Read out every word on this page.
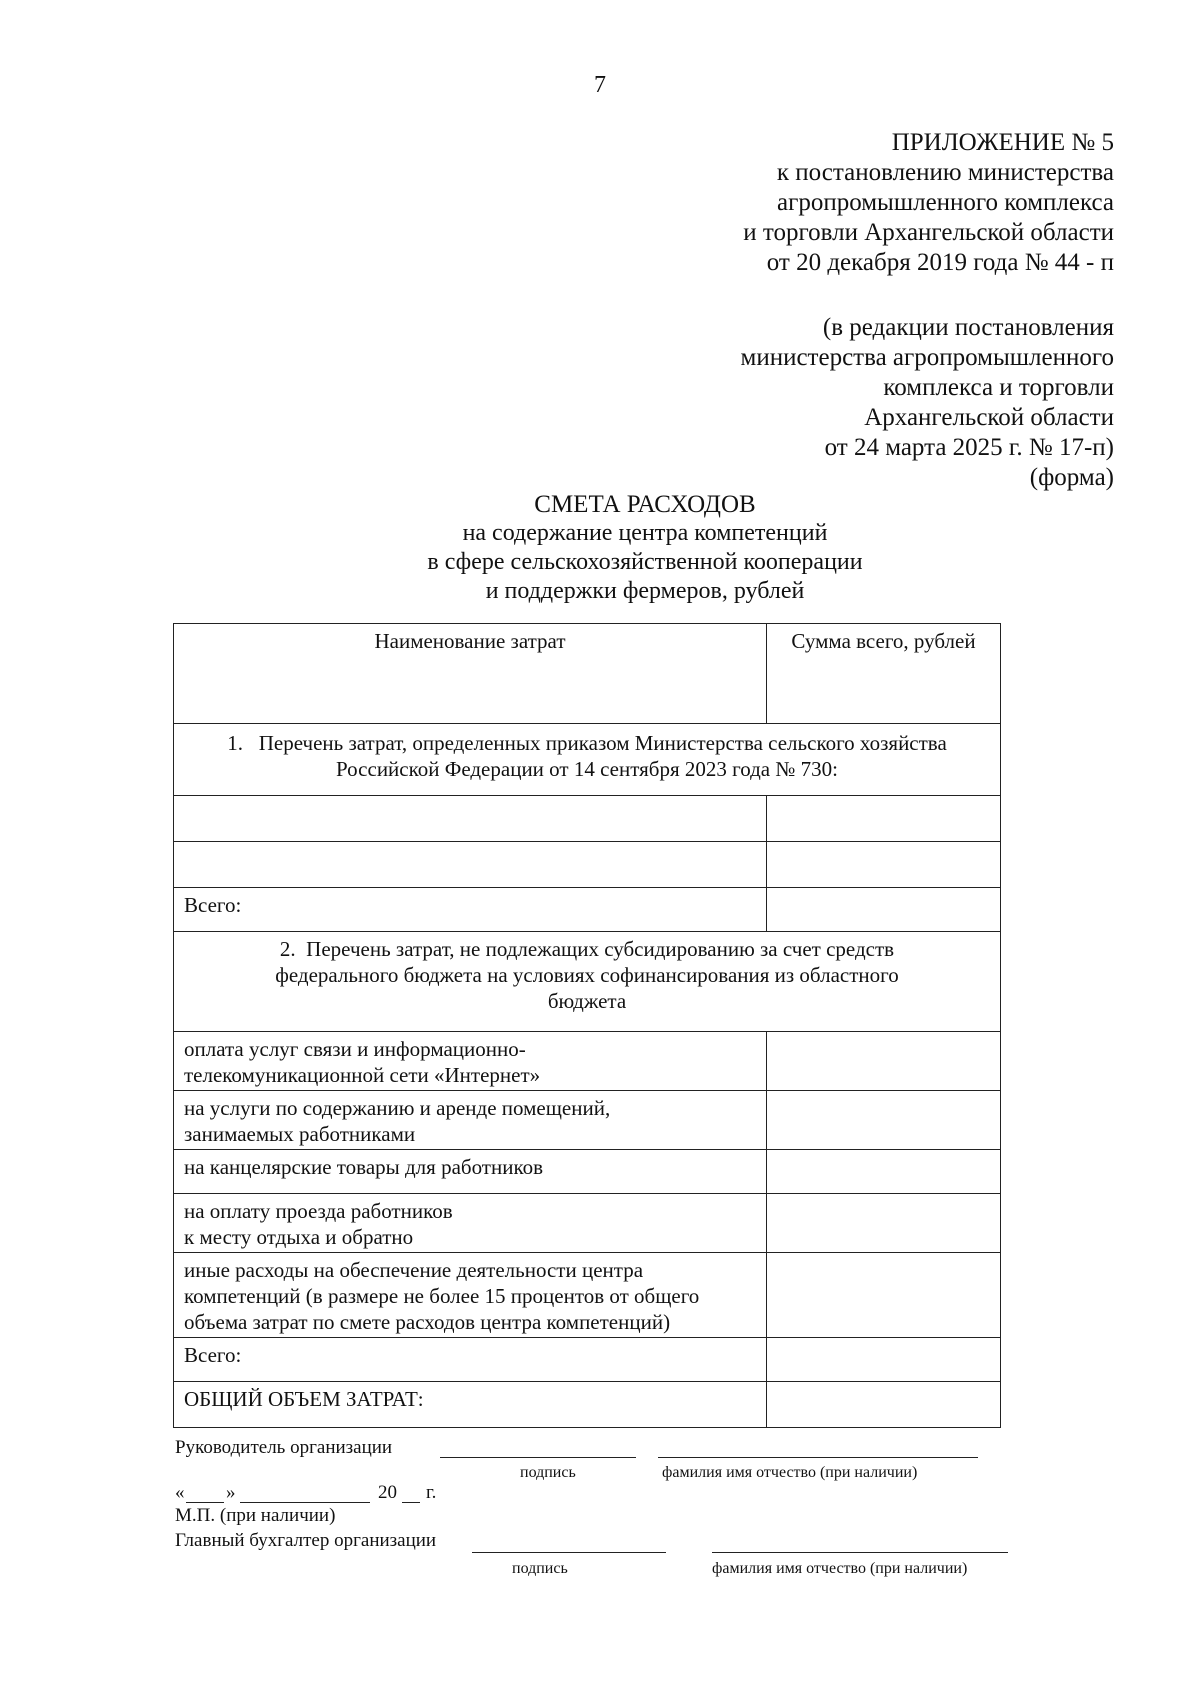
7
ПРИЛОЖЕНИЕ № 5
к постановлению министерства
агропромышленного комплекса
и торговли Архангельской области
от 20 декабря 2019 года № 44 - п
(в редакции постановления
министерства агропромышленного
комплекса и торговли
Архангельской области
от 24 марта 2025 г. № 17-п)
(форма)
СМЕТА РАСХОДОВ
на содержание центра компетенций
в сфере сельскохозяйственной кооперации
и поддержки фермеров, рублей
Наименование затрат	Сумма всего, рублей
1. Перечень затрат, определенных приказом Министерства сельского хозяйства Российской Федерации от 14 сентября 2023 года № 730:	

Всего:	

2. Перечень затрат, не подлежащих субсидированию за счет средств
федерального бюджета на условиях софинансирования из областного
бюджета	

оплата услуг связи и информационно-
телекомуникационной сети «Интернет»	

на услуги по содержанию и аренде помещений,
занимаемых работниками	

на канцелярские товары для работников	

на оплату проезда работников
к месту отдыха и обратно	

иные расходы на обеспечение деятельности центра
компетенций (в размере не более 15 процентов от общего
объема затрат по смете расходов центра компетенций)	

Всего:	
ОБЩИЙ ОБЪЕМ ЗАТРАТ:	
Руководитель организации
подпись	фамилия имя отчество (при наличии)
« »	20 г.
М.П. (при наличии)
Главный бухгалтер организации
подпись	фамилия имя отчество (при наличии)
